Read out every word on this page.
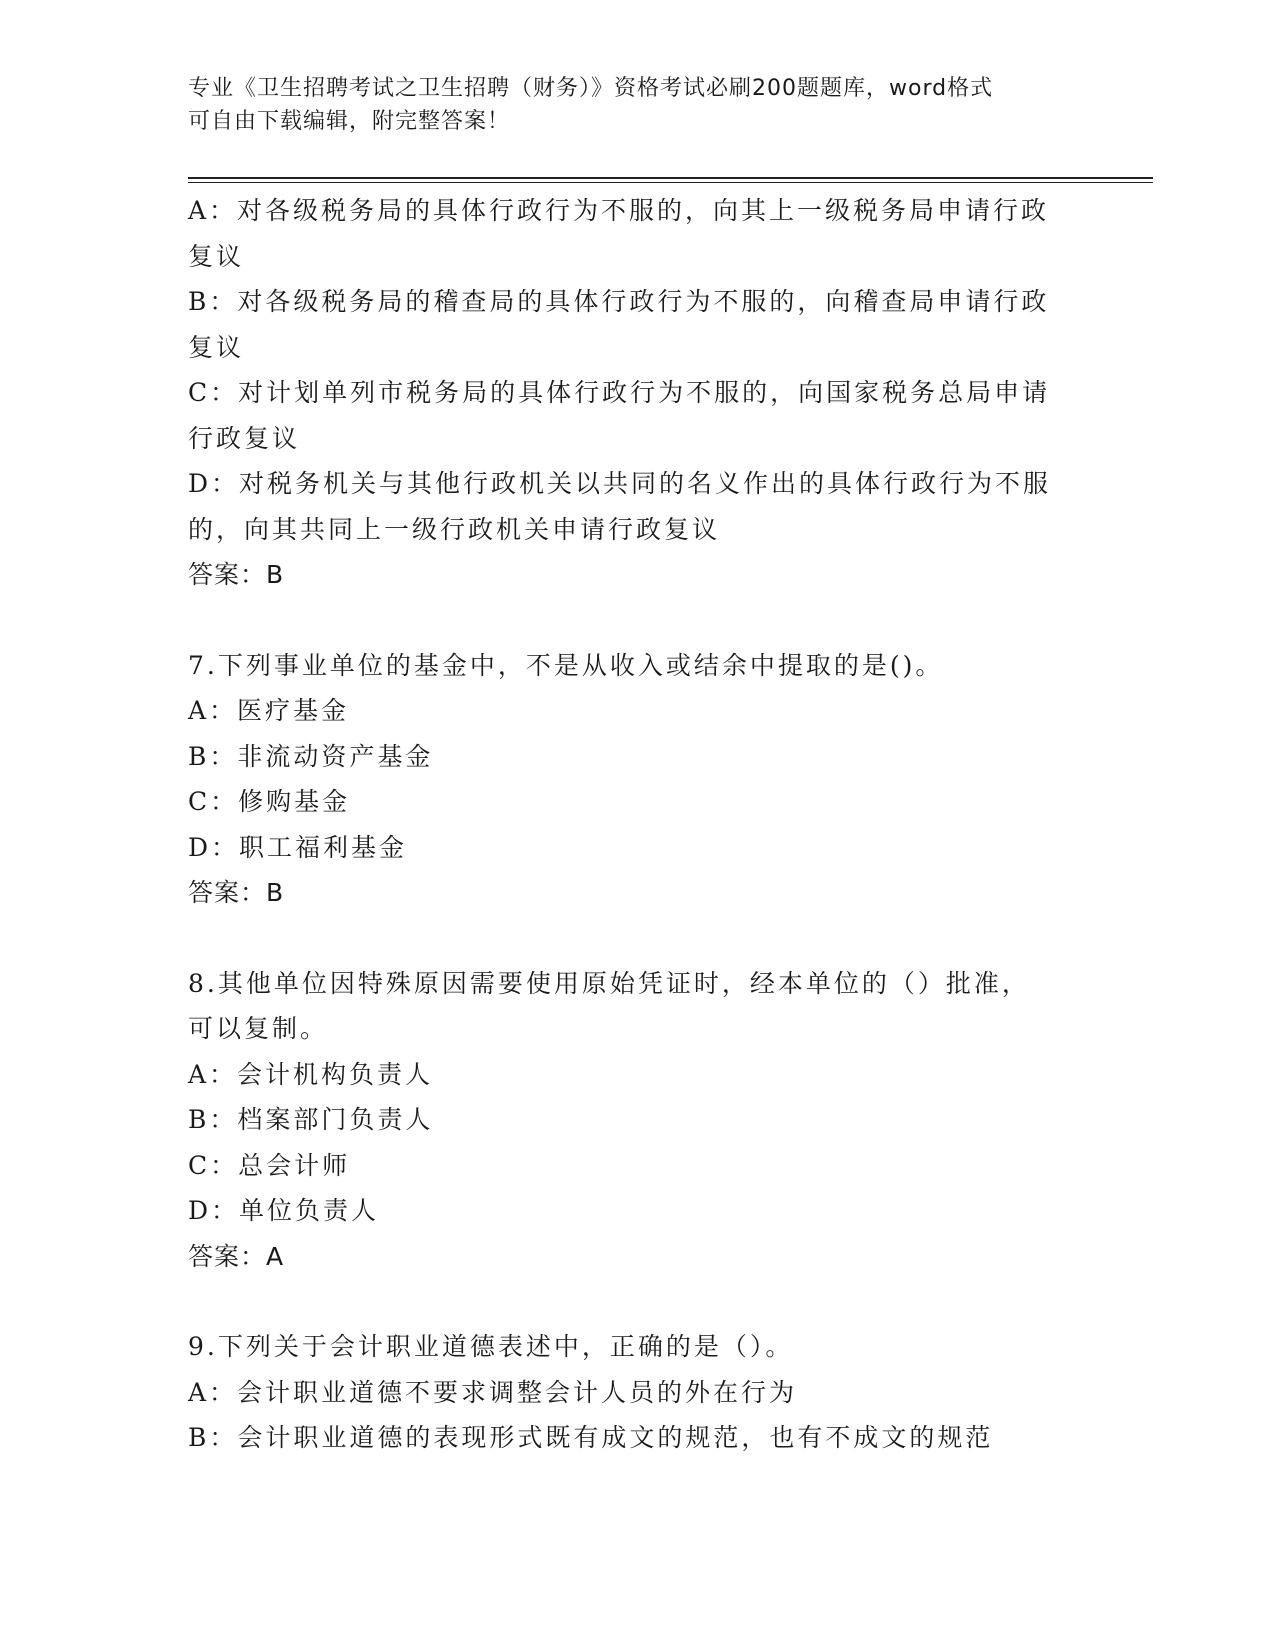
专业《卫生招聘考试之卫生招聘（财务）》资格考试必刷200题题库，word格式
可自由下载编辑，附完整答案！
A：对各级税务局的具体行政行为不服的，向其上一级税务局申请行政
复议
B：对各级税务局的稽查局的具体行政行为不服的，向稽查局申请行政
复议
C：对计划单列市税务局的具体行政行为不服的，向国家税务总局申请
行政复议
D：对税务机关与其他行政机关以共同的名义作出的具体行政行为不服
的，向其共同上一级行政机关申请行政复议
答案：B
7.下列事业单位的基金中，不是从收入或结余中提取的是()。
A：医疗基金
B：非流动资产基金
C：修购基金
D：职工福利基金
答案：B
8.其他单位因特殊原因需要使用原始凭证时，经本单位的（）批准，
可以复制。
A：会计机构负责人
B：档案部门负责人
C：总会计师
D：单位负责人
答案：A
9.下列关于会计职业道德表述中，正确的是（）。
A：会计职业道德不要求调整会计人员的外在行为
B：会计职业道德的表现形式既有成文的规范，也有不成文的规范
